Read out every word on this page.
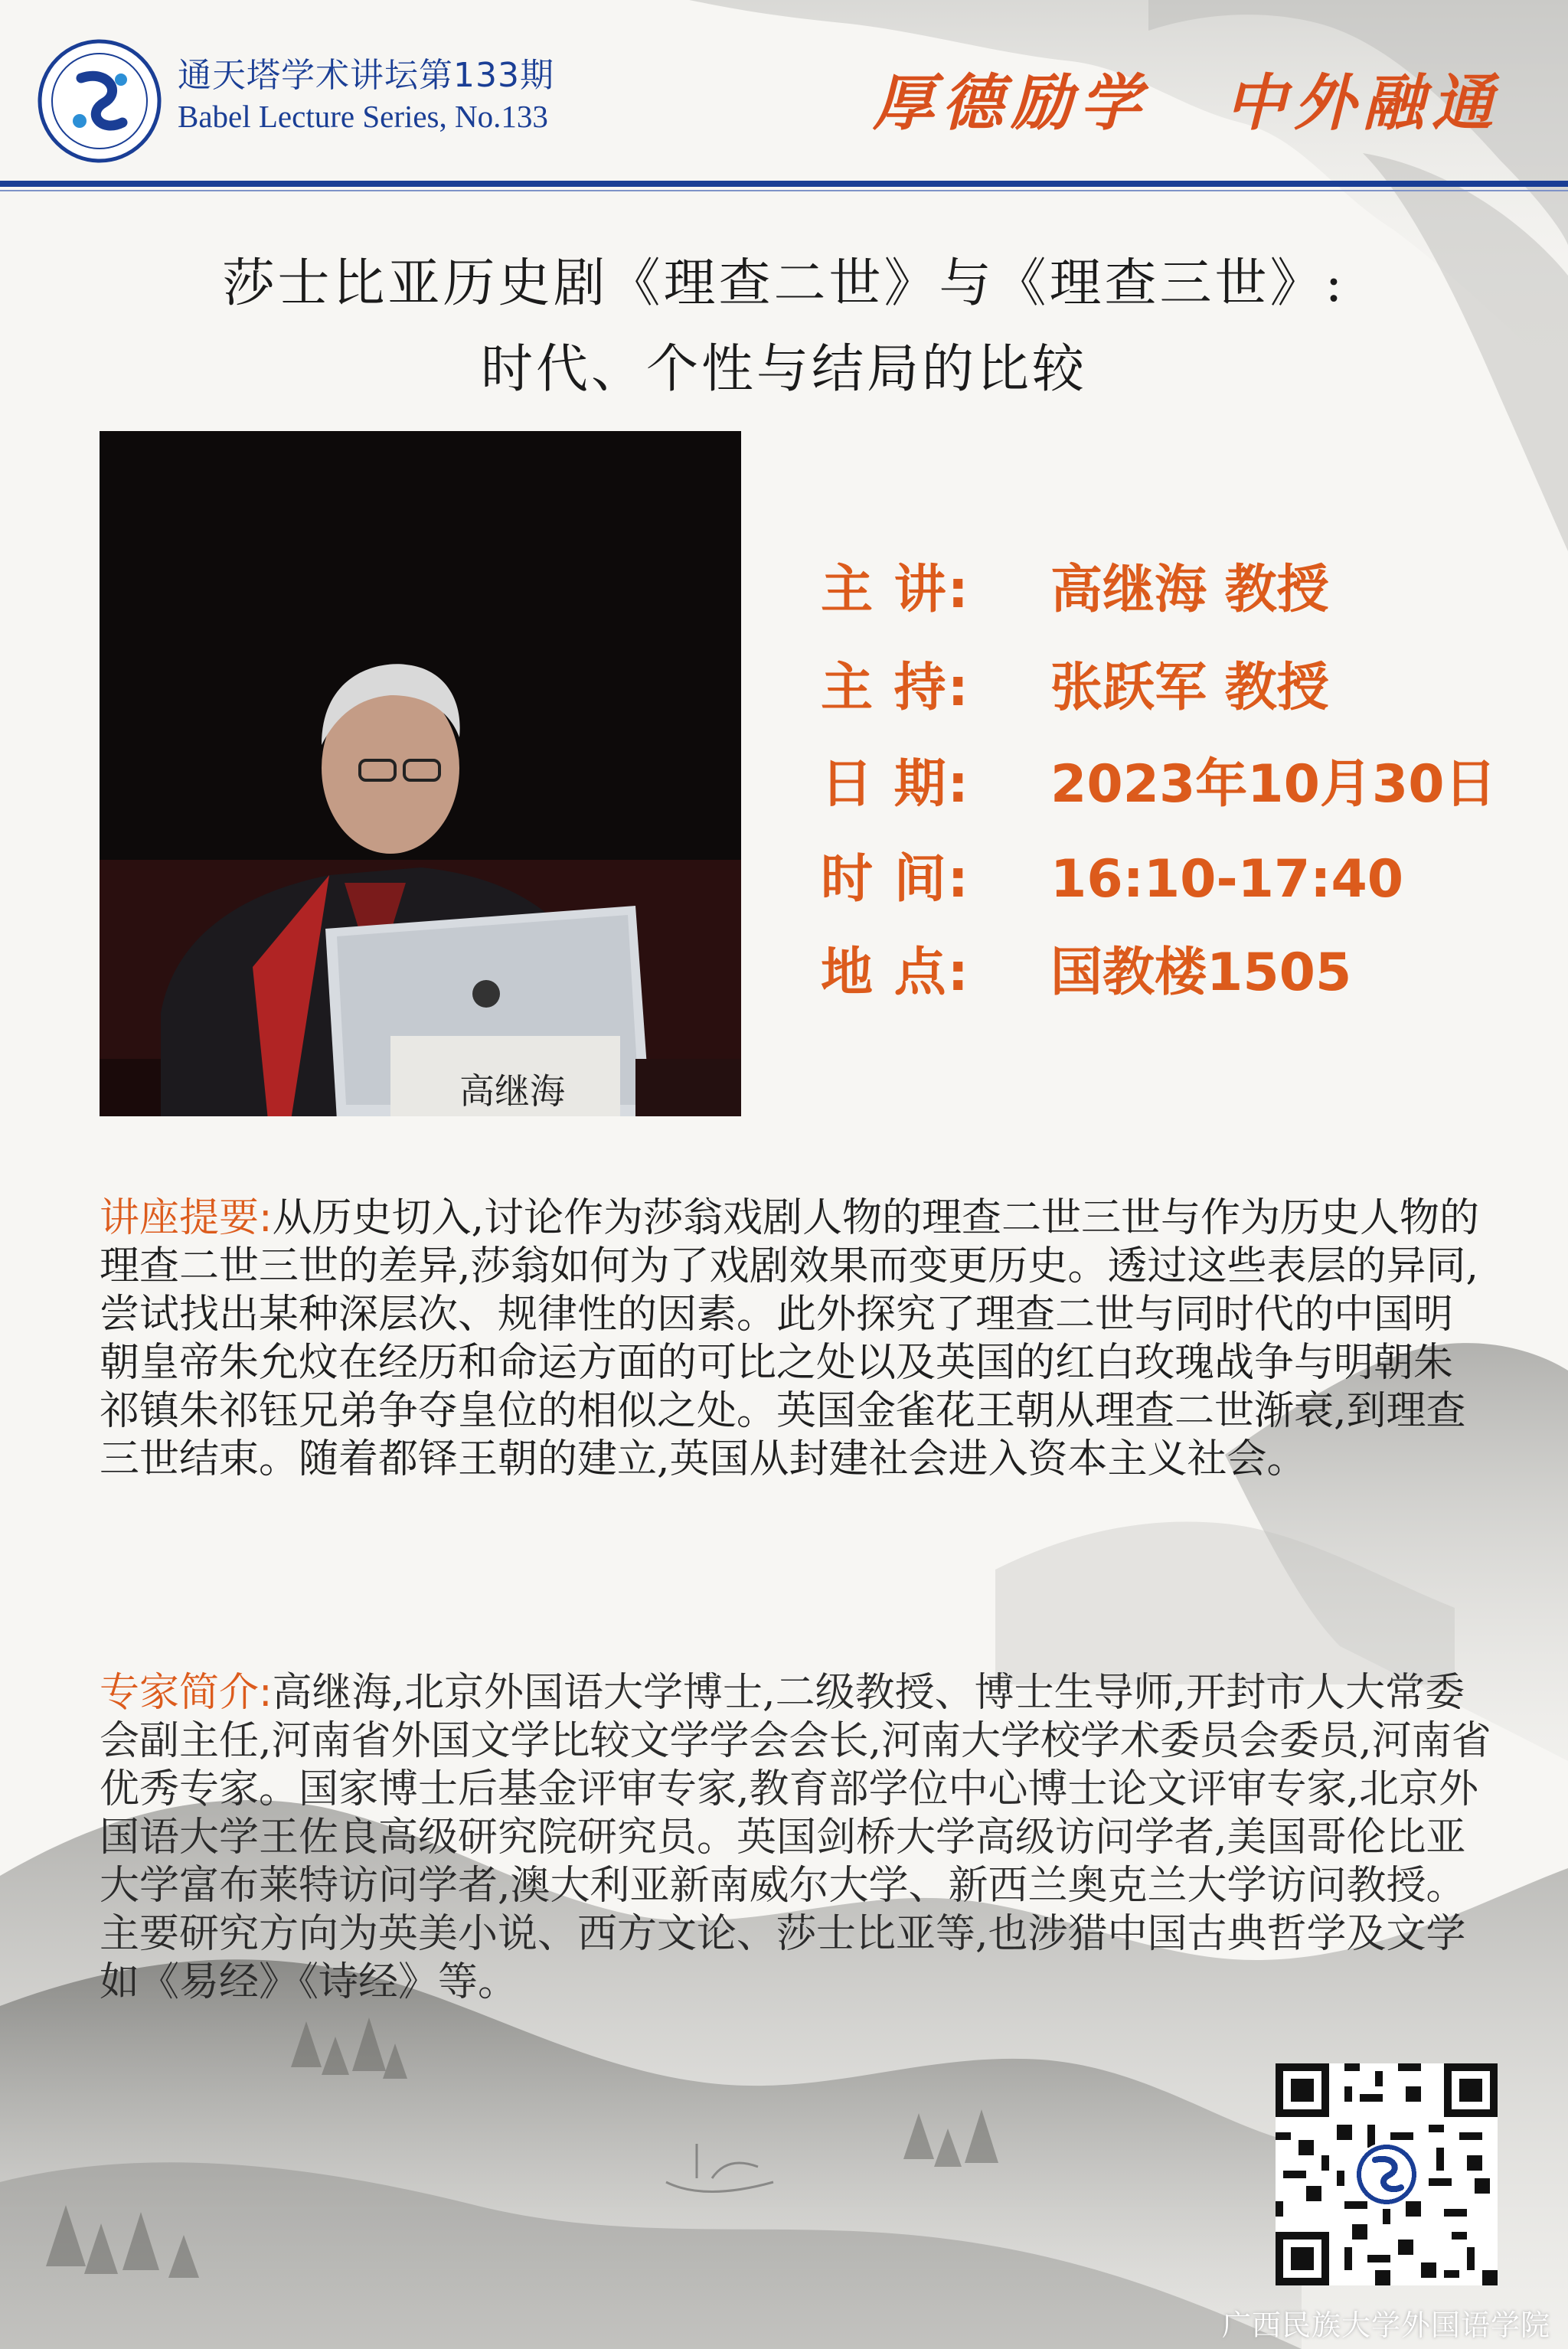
通天塔学术讲坛第133期
Babel Lecture Series, No.133	厚德励学 中外融通
莎士比亚历史剧《理查二世》与《理查三世》:
时代、个性与结局的比较
高继海
主 讲: 高继海 教授
主 持: 张跃军 教授
日 期: 2023年10月30日
时 间: 16:10-17:40
地 点: 国教楼1505
讲座提要:从历史切入,讨论作为莎翁戏剧人物的理查二世三世与作为历史人物的理查二世三世的差异,莎翁如何为了戏剧效果而变更历史。透过这些表层的异同,尝试找出某种深层次、规律性的因素。此外探究了理查二世与同时代的中国明朝皇帝朱允炆在经历和命运方面的可比之处以及英国的红白玫瑰战争与明朝朱祁镇朱祁钰兄弟争夺皇位的相似之处。英国金雀花王朝从理查二世渐衰,到理查三世结束。随着都铎王朝的建立,英国从封建社会进入资本主义社会。
专家简介:高继海,北京外国语大学博士,二级教授、博士生导师,开封市人大常委会副主任,河南省外国文学比较文学学会会长,河南大学校学术委员会委员,河南省优秀专家。国家博士后基金评审专家,教育部学位中心博士论文评审专家,北京外国语大学王佐良高级研究院研究员。英国剑桥大学高级访问学者,美国哥伦比亚大学富布莱特访问学者,澳大利亚新南威尔大学、新西兰奥克兰大学访问教授。主要研究方向为英美小说、西方文论、莎士比亚等,也涉猎中国古典哲学及文学如《易经》《诗经》等。
广西民族大学外国语学院
